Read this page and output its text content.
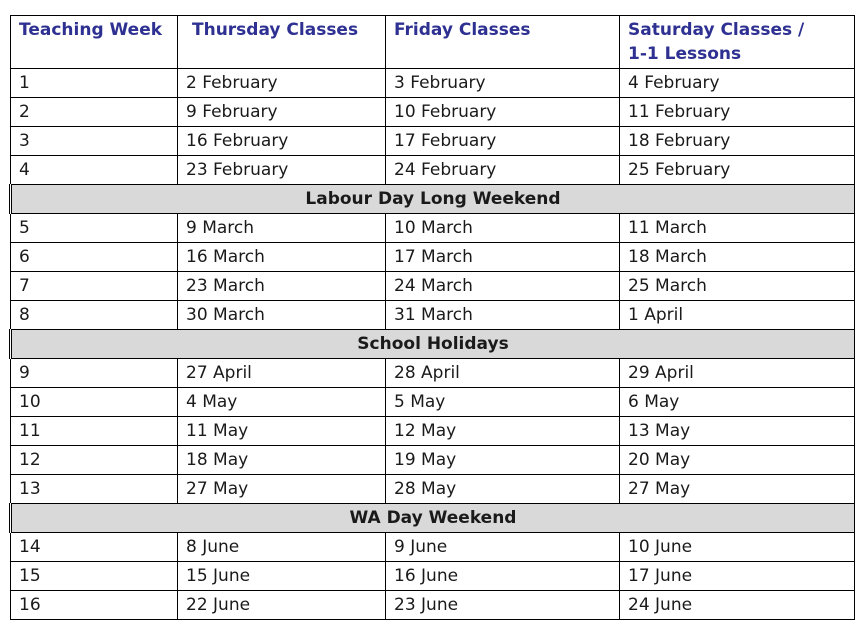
Teaching Week	Thursday Classes	Friday Classes	Saturday Classes /
1-1 Lessons

1	2 February	3 February	4 February
2	9 February	10 February	11 February
3	16 February	17 February	18 February
4	23 February	24 February	25 February
Labour Day Long Weekend			
5	9 March	10 March	11 March
6	16 March	17 March	18 March
7	23 March	24 March	25 March
8	30 March	31 March	1 April
School Holidays			
9	27 April	28 April	29 April
10	4 May	5 May	6 May
11	11 May	12 May	13 May
12	18 May	19 May	20 May
13	27 May	28 May	27 May
WA Day Weekend			
14	8 June	9 June	10 June
15	15 June	16 June	17 June
16	22 June	23 June	24 June
